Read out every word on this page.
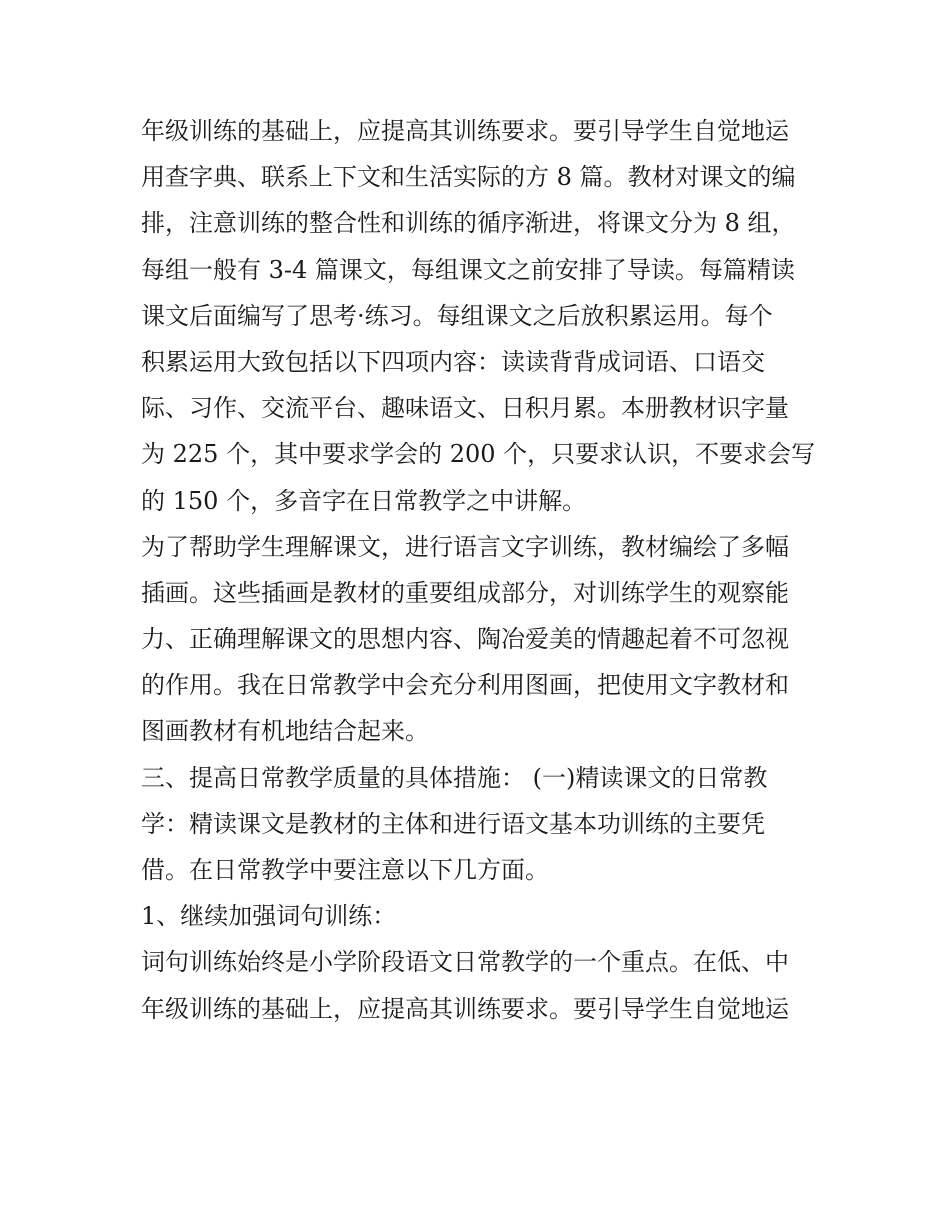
年级训练的基础上，应提高其训练要求。要引导学生自觉地运
用查字典、联系上下文和生活实际的方 8 篇。教材对课文的编
排，注意训练的整合性和训练的循序渐进，将课文分为 8 组，
每组一般有 3-4 篇课文，每组课文之前安排了导读。每篇精读
课文后面编写了思考·练习。每组课文之后放积累运用。每个
积累运用大致包括以下四项内容：读读背背成词语、口语交
际、习作、交流平台、趣味语文、日积月累。本册教材识字量
为 225 个，其中要求学会的 200 个，只要求认识，不要求会写
的 150 个，多音字在日常教学之中讲解。
为了帮助学生理解课文，进行语言文字训练，教材编绘了多幅
插画。这些插画是教材的重要组成部分，对训练学生的观察能
力、正确理解课文的思想内容、陶冶爱美的情趣起着不可忽视
的作用。我在日常教学中会充分利用图画，把使用文字教材和
图画教材有机地结合起来。
三、提高日常教学质量的具体措施： (一)精读课文的日常教
学：精读课文是教材的主体和进行语文基本功训练的主要凭
借。在日常教学中要注意以下几方面。
1、继续加强词句训练：
词句训练始终是小学阶段语文日常教学的一个重点。在低、中
年级训练的基础上，应提高其训练要求。要引导学生自觉地运
